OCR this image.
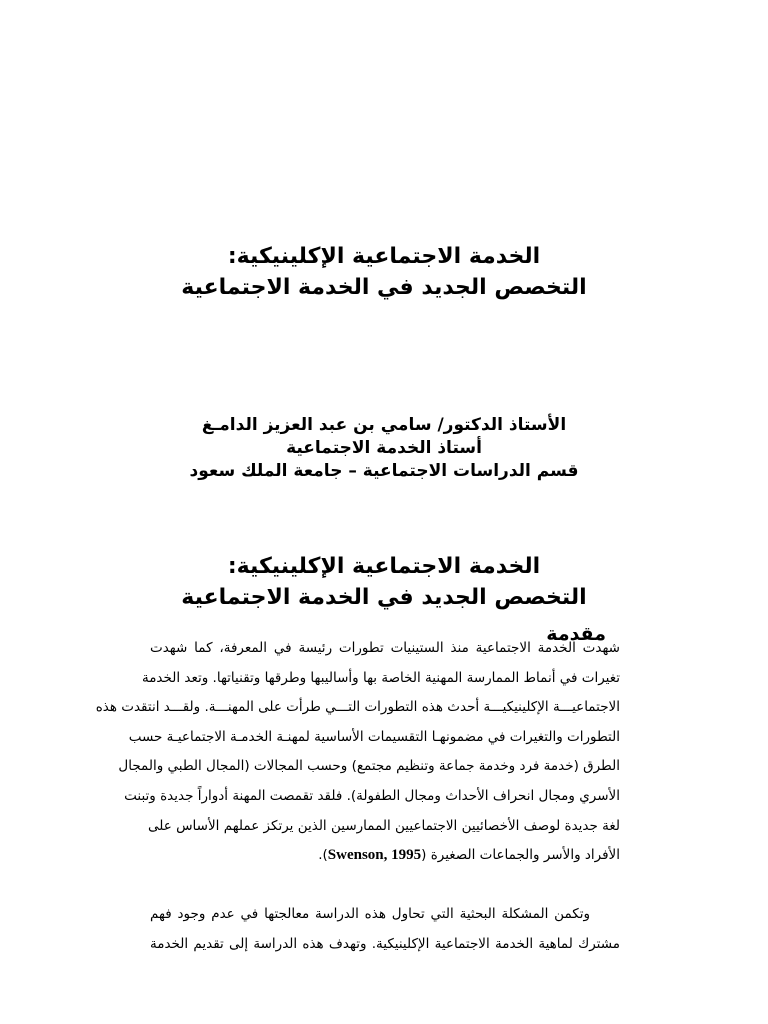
الخدمة الاجتماعية الإكلينيكية:
التخصص الجديد في الخدمة الاجتماعية
الأستاذ الدكتور/ سامي بن عبد العزيز الدامـغ
أستاذ الخدمة الاجتماعية
قسم الدراسات الاجتماعية – جامعة الملك سعود
الخدمة الاجتماعية الإكلينيكية:
التخصص الجديد في الخدمة الاجتماعية
مقدمة
شهدت الخدمة الاجتماعية منذ الستينيات تطورات رئيسة في المعرفة، كما شهدت
تغيرات في أنماط الممارسة المهنية الخاصة بها وأساليبها وطرقها وتقنياتها. وتعد الخدمة
الاجتماعيـــة الإكلينيكيـــة أحدث هذه التطورات التـــي طرأت على المهنـــة. ولقـــد انتقدت هذه
التطورات والتغيرات في مضمونهـا التقسيمات الأساسية لمهنـة الخدمـة الاجتماعيـة حسب
الطرق (خدمة فرد وخدمة جماعة وتنظيم مجتمع) وحسب المجالات (المجال الطبي والمجال
الأسري ومجال انحراف الأحداث ومجال الطفولة). فلقد تقمصت المهنة أدواراً جديدة وتبنت
لغة جديدة لوصف الأخصائيين الاجتماعيين الممارسين الذين يرتكز عملهم الأساس على
الأفراد والأسر والجماعات الصغيرة (Swenson, 1995).
وتكمن المشكلة البحثية التي تحاول هذه الدراسة معالجتها في عدم وجود فهم
مشترك لماهية الخدمة الاجتماعية الإكلينيكية. وتهدف هذه الدراسة إلى تقديم الخدمة
